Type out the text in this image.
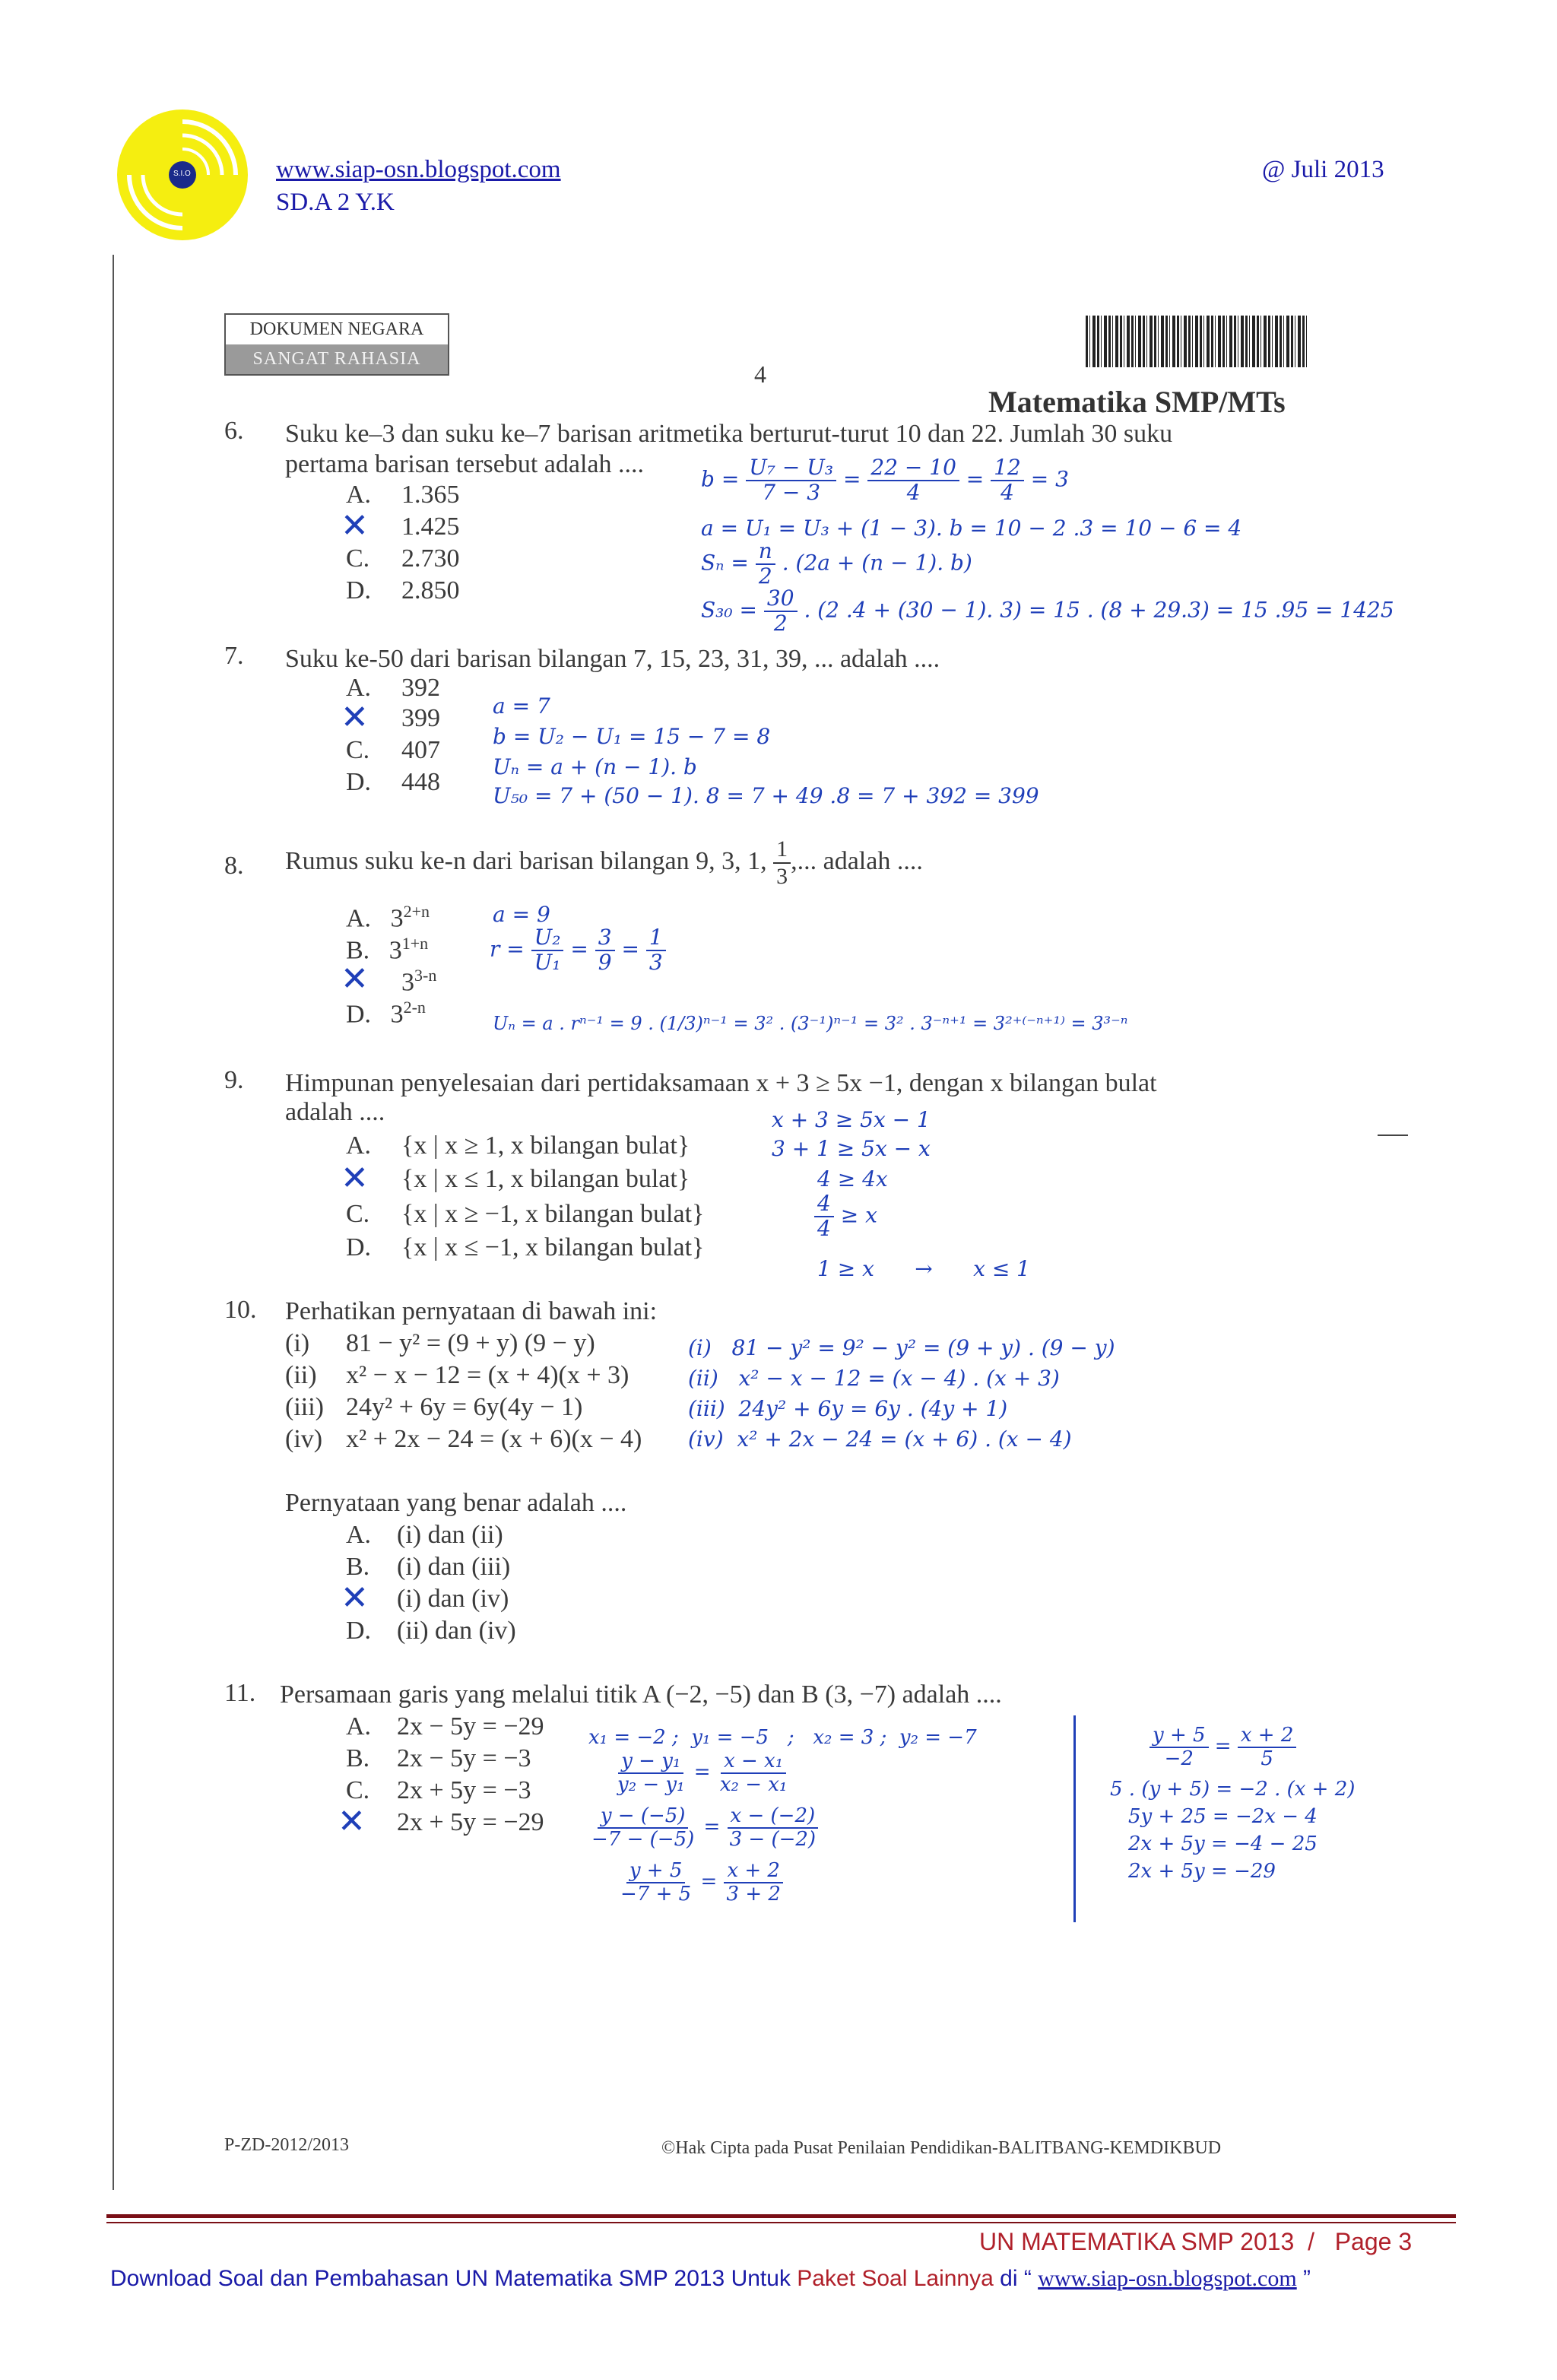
S.I.O	www.siap-osn.blogspot.com
SD.A 2 Y.K
@ Juli 2013
DOKUMEN NEGARA
SANGAT RAHASIA
4
Matematika SMP/MTs
6. Suku ke–3 dan suku ke–7 barisan aritmetika berturut-turut 10 dan 22. Jumlah 30 suku
pertama barisan tersebut adalah ....
A. 1.365
✕ 1.425
C. 2.730
D. 2.850
$b = \frac{\text{U₇ − U₃}}{7 - 3} = \frac{22 - 10}{4} = \frac{12}{4} = 3$
a = U₁ = U₃ + (1 − 3). b = 10 − 2 .3 = 10 − 6 = 4
$S_n = \frac{n}{2}$ . (2a + (n − 1). b)
$S_{30} = \frac{30}{2}$ . (2 .4 + (30 − 1). 3) = 15 . (8 + 29.3) = 15 .95 = 1425
7. Suku ke-50 dari barisan bilangan 7, 15, 23, 31, 39, ... adalah ....
A. 392
✕ 399
C. 407
D. 448
a = 7
b = U₂ − U₁ = 15 − 7 = 8
Uₙ = a + (n − 1). b
U₅₀ = 7 + (50 − 1). 8 = 7 + 49 .8 = 7 + 392 = 399
8. Rumus suku ke-n dari barisan bilangan 9, 3, 1, $\frac{1}{3}$ ,... adalah ....
A. $3^{2+n}$
B. $3^{1+n}$
✕ 3$^{3-n}$
D. 3$^{2-n}$
a = 9
$r = \frac{\text{U₂}}{\text{U₁}} = \frac{3}{9} = \frac{1}{3}$
Uₙ = a . rⁿ⁻¹ = 9 . (1/3)ⁿ⁻¹ = 3² . (3⁻¹)ⁿ⁻¹ = 3² . 3⁻ⁿ⁺¹ = 3²⁺⁽⁻ⁿ⁺¹⁾ = 3³⁻ⁿ
9. Himpunan penyelesaian dari pertidaksamaan x + 3 ≥ 5x −1, dengan x bilangan bulat
adalah ....
A. {x | x ≥ 1, x bilangan bulat}
✕ {x | x ≤ 1, x bilangan bulat}
C. {x | x ≥ −1, x bilangan bulat}
D. {x | x ≤ −1, x bilangan bulat}
x + 3 ≥ 5x − 1
3 + 1 ≥ 5x − x
4 ≥ 4x
$\frac{4}{4} \ge x$
1 ≥ x      →      x ≤ 1
10. Perhatikan pernyataan di bawah ini:
(i) 81 − y² = (9 + y) (9 − y)
(ii) x² − x − 12 = (x + 4)(x + 3)
(iii) 24y² + 6y = 6y(4y − 1)
(iv) x² + 2x − 24 = (x + 6)(x − 4)
(i)   81 − y² = 9² − y² = (9 + y) . (9 − y)
(ii)   x² − x − 12 = (x − 4) . (x + 3)
(iii)  24y² + 6y = 6y . (4y + 1)
(iv)  x² + 2x − 24 = (x + 6) . (x − 4)
Pernyataan yang benar adalah ....
A. (i) dan (ii)
B. (i) dan (iii)
✕ (i) dan (iv)
D. (ii) dan (iv)
11. Persamaan garis yang melalui titik A (−2, −5) dan B (3, −7) adalah ....
A. 2x − 5y = −29
B. 2x − 5y = −3
C. 2x + 5y = −3
✕ 2x + 5y = −29
x₁ = −2 ;  y₁ = −5   ;   x₂ = 3 ;  y₂ = −7
$\frac{\text{y − y₁}}{\text{y₂ − y₁}} = \frac{\text{x − x₁}}{\text{x₂ − x₁}}$
$\frac{y - (-5)}{-7 - (-5)} = \frac{x - (-2)}{3 - (-2)}$
$\frac{y + 5}{-7 + 5} = \frac{x + 2}{3 + 2}$
$\frac{y + 5}{-2} = \frac{x + 2}{5}$
5 . (y + 5) = −2 . (x + 2)
5y + 25 = −2x − 4
2x + 5y = −4 − 25
2x + 5y = −29
P-ZD-2012/2013	©Hak Cipta pada Pusat Penilaian Pendidikan-BALITBANG-KEMDIKBUD
UN MATEMATIKA SMP 2013  /   Page 3
Download Soal dan Pembahasan UN Matematika SMP 2013 Untuk Paket Soal Lainnya di “ www.siap-osn.blogspot.com ”
